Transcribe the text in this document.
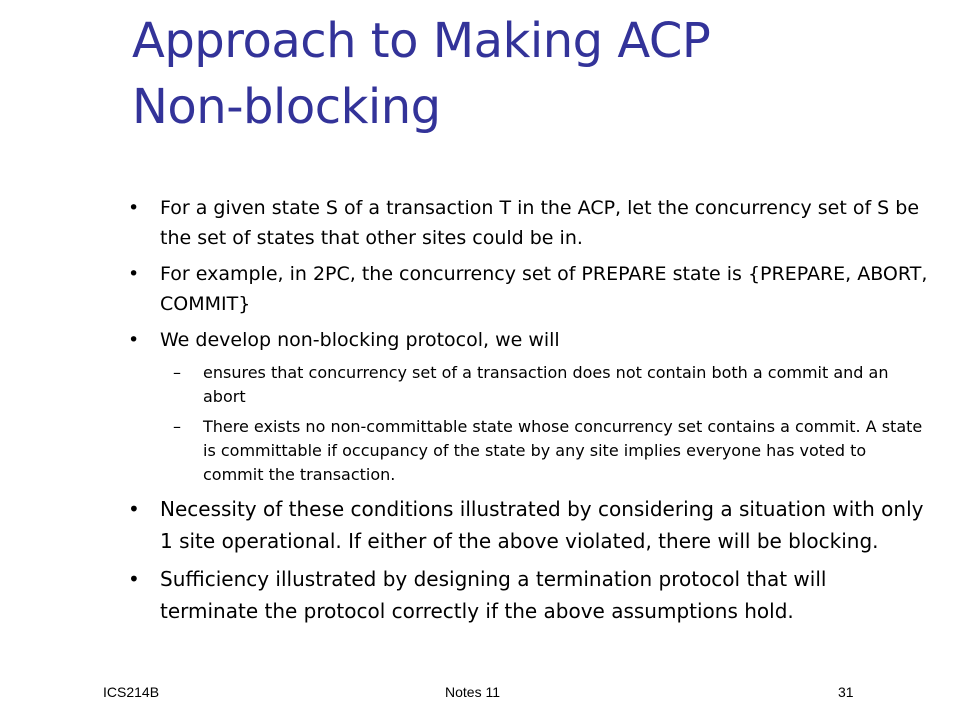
Approach to Making ACP
Non-blocking
• For a given state S of a transaction T in the ACP, let the concurrency set of S be the set of states that other sites could be in.
• For example, in 2PC, the concurrency set of PREPARE state is {PREPARE, ABORT, COMMIT}
• We develop non-blocking protocol, we will
– ensures that concurrency set of a transaction does not contain both a commit and an abort
– There exists no non-committable state whose concurrency set contains a commit. A state is committable if occupancy of the state by any site implies everyone has voted to commit the transaction.
• Necessity of these conditions illustrated by considering a situation with only 1 site operational. If either of the above violated, there will be blocking.
• Sufficiency illustrated by designing a termination protocol that will terminate the protocol correctly if the above assumptions hold.
ICS214B	Notes 11	31
